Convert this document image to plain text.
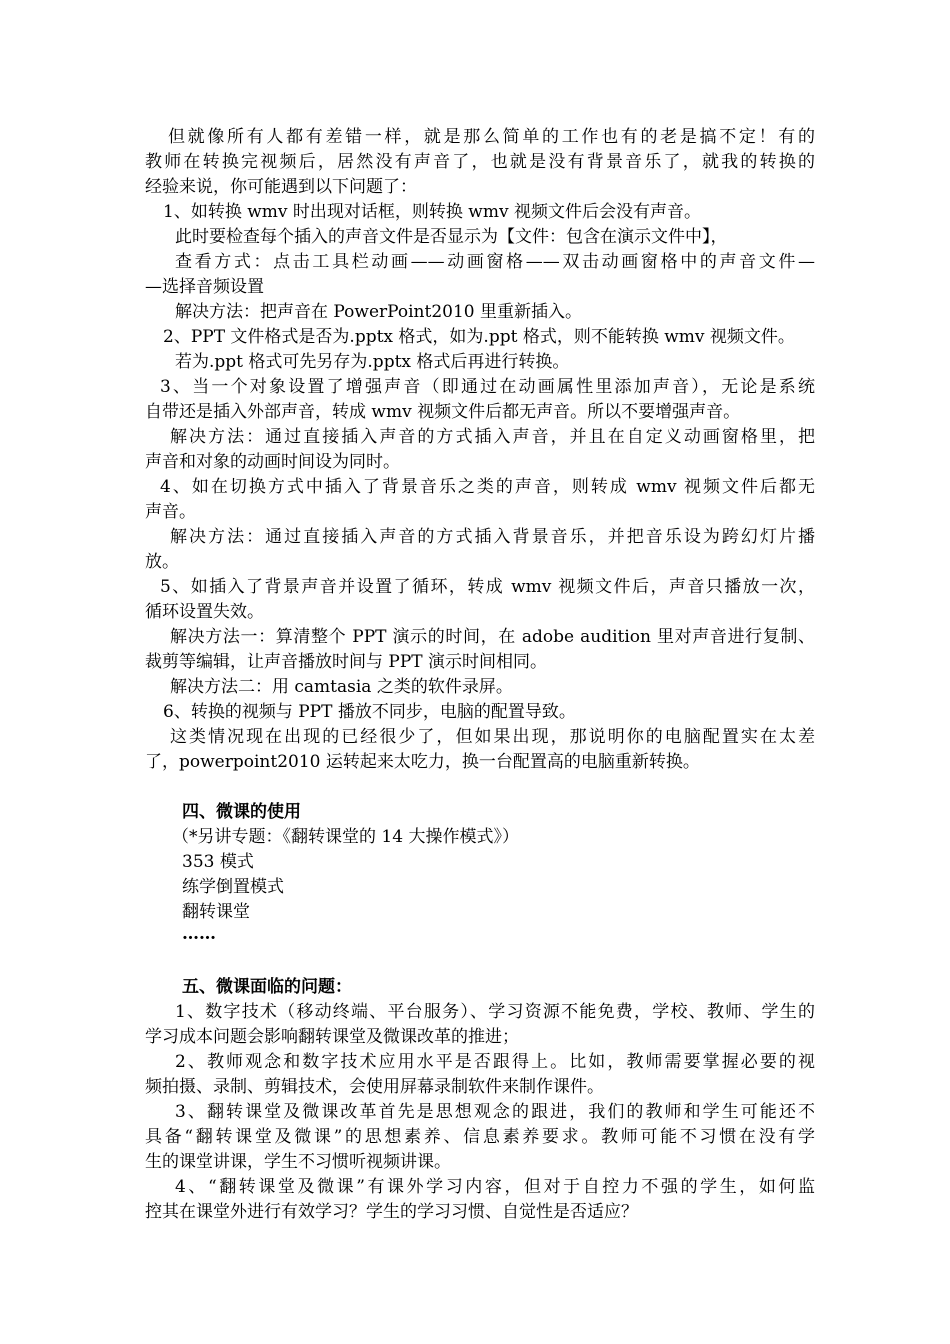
但就像所有人都有差错一样，就是那么简单的工作也有的老是搞不定！有的
教师在转换完视频后，居然没有声音了，也就是没有背景音乐了，就我的转换的
经验来说，你可能遇到以下问题了：
1、如转换 wmv 时出现对话框，则转换 wmv 视频文件后会没有声音。
此时要检查每个插入的声音文件是否显示为【文件：包含在演示文件中】，
查看方式：点击工具栏动画——动画窗格——双击动画窗格中的声音文件—
—选择音频设置
解决方法：把声音在 PowerPoint2010 里重新插入。
2、PPT 文件格式是否为.pptx 格式，如为.ppt 格式，则不能转换 wmv 视频文件。
若为.ppt 格式可先另存为.pptx 格式后再进行转换。
3、当一个对象设置了增强声音（即通过在动画属性里添加声音），无论是系统
自带还是插入外部声音，转成 wmv 视频文件后都无声音。所以不要增强声音。
解决方法：通过直接插入声音的方式插入声音，并且在自定义动画窗格里，把
声音和对象的动画时间设为同时。
4、如在切换方式中插入了背景音乐之类的声音，则转成 wmv 视频文件后都无
声音。
解决方法：通过直接插入声音的方式插入背景音乐，并把音乐设为跨幻灯片播
放。
5、如插入了背景声音并设置了循环，转成 wmv 视频文件后，声音只播放一次，
循环设置失效。
解决方法一：算清整个 PPT 演示的时间，在 adobe audition 里对声音进行复制、
裁剪等编辑，让声音播放时间与 PPT 演示时间相同。
解决方法二：用 camtasia 之类的软件录屏。
6、转换的视频与 PPT 播放不同步，电脑的配置导致。
这类情况现在出现的已经很少了，但如果出现，那说明你的电脑配置实在太差
了，powerpoint2010 运转起来太吃力，换一台配置高的电脑重新转换。
四、微课的使用
（*另讲专题：《翻转课堂的 14 大操作模式》）
353 模式
练学倒置模式
翻转课堂
……
五、微课面临的问题：
1、数字技术（移动终端、平台服务）、学习资源不能免费，学校、教师、学生的
学习成本问题会影响翻转课堂及微课改革的推进；
2、教师观念和数字技术应用水平是否跟得上。比如，教师需要掌握必要的视
频拍摄、录制、剪辑技术，会使用屏幕录制软件来制作课件。
3、翻转课堂及微课改革首先是思想观念的跟进，我们的教师和学生可能还不
具备“翻转课堂及微课”的思想素养、信息素养要求。教师可能不习惯在没有学
生的课堂讲课，学生不习惯听视频讲课。
4、“翻转课堂及微课”有课外学习内容，但对于自控力不强的学生，如何监
控其在课堂外进行有效学习？学生的学习习惯、自觉性是否适应？
